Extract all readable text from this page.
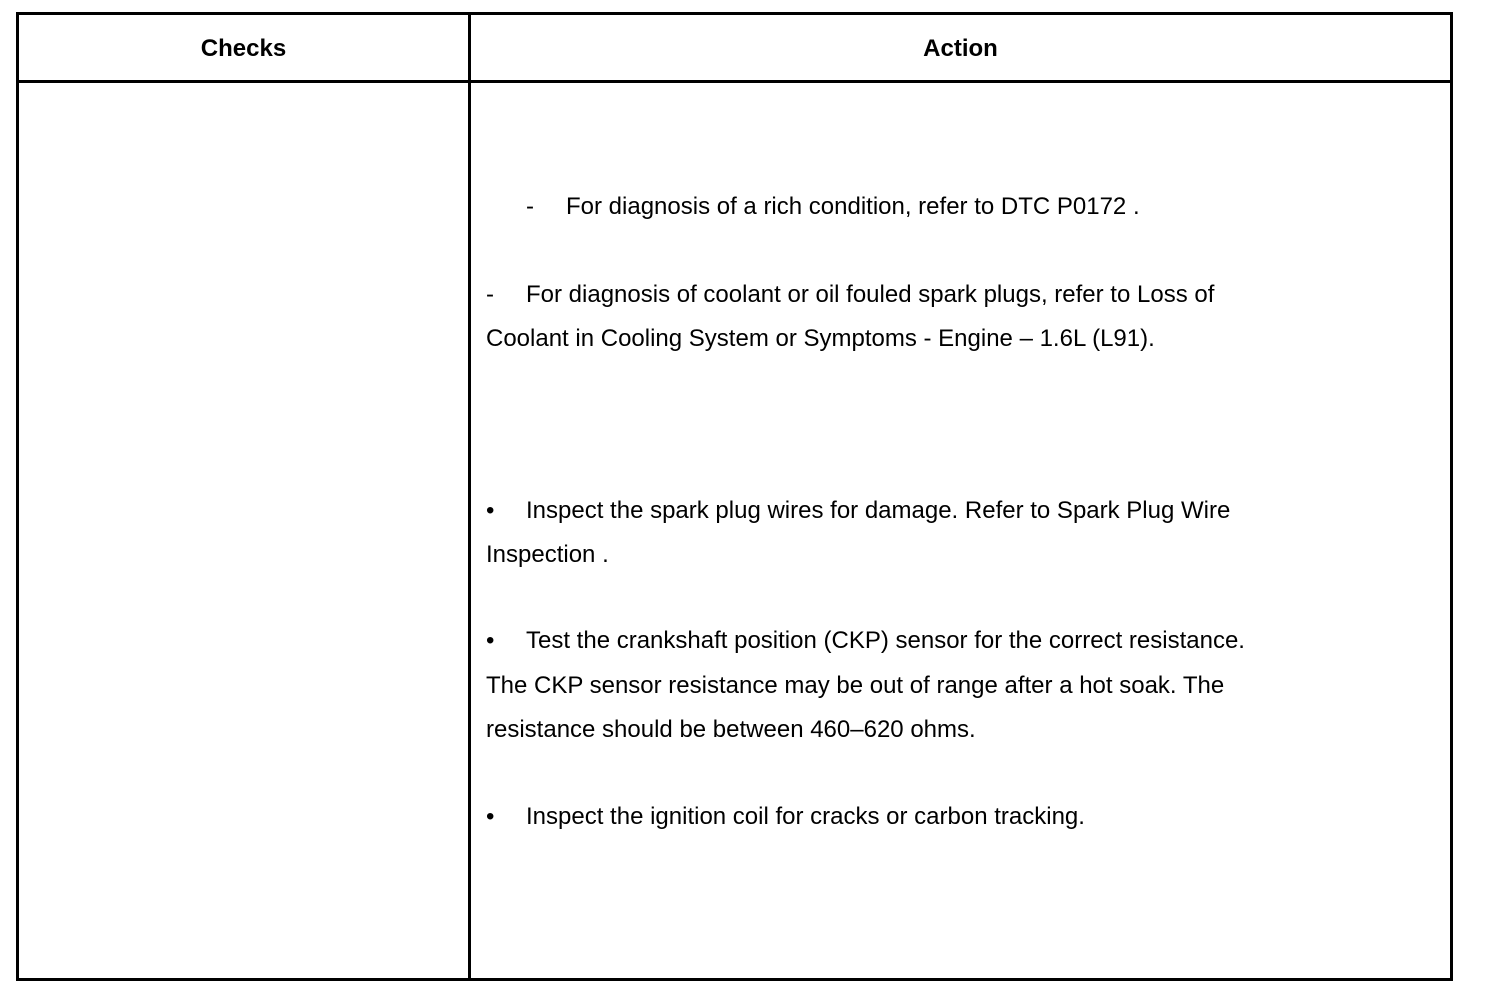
Checks	Action
- For diagnosis of a rich condition, refer to DTC P0172 .
- For diagnosis of coolant or oil fouled spark plugs, refer to Loss of
Coolant in Cooling System or Symptoms - Engine – 1.6L (L91).
• Inspect the spark plug wires for damage. Refer to Spark Plug Wire
Inspection .
• Test the crankshaft position (CKP) sensor for the correct resistance.
The CKP sensor resistance may be out of range after a hot soak. The
resistance should be between 460–620 ohms.
• Inspect the ignition coil for cracks or carbon tracking.
